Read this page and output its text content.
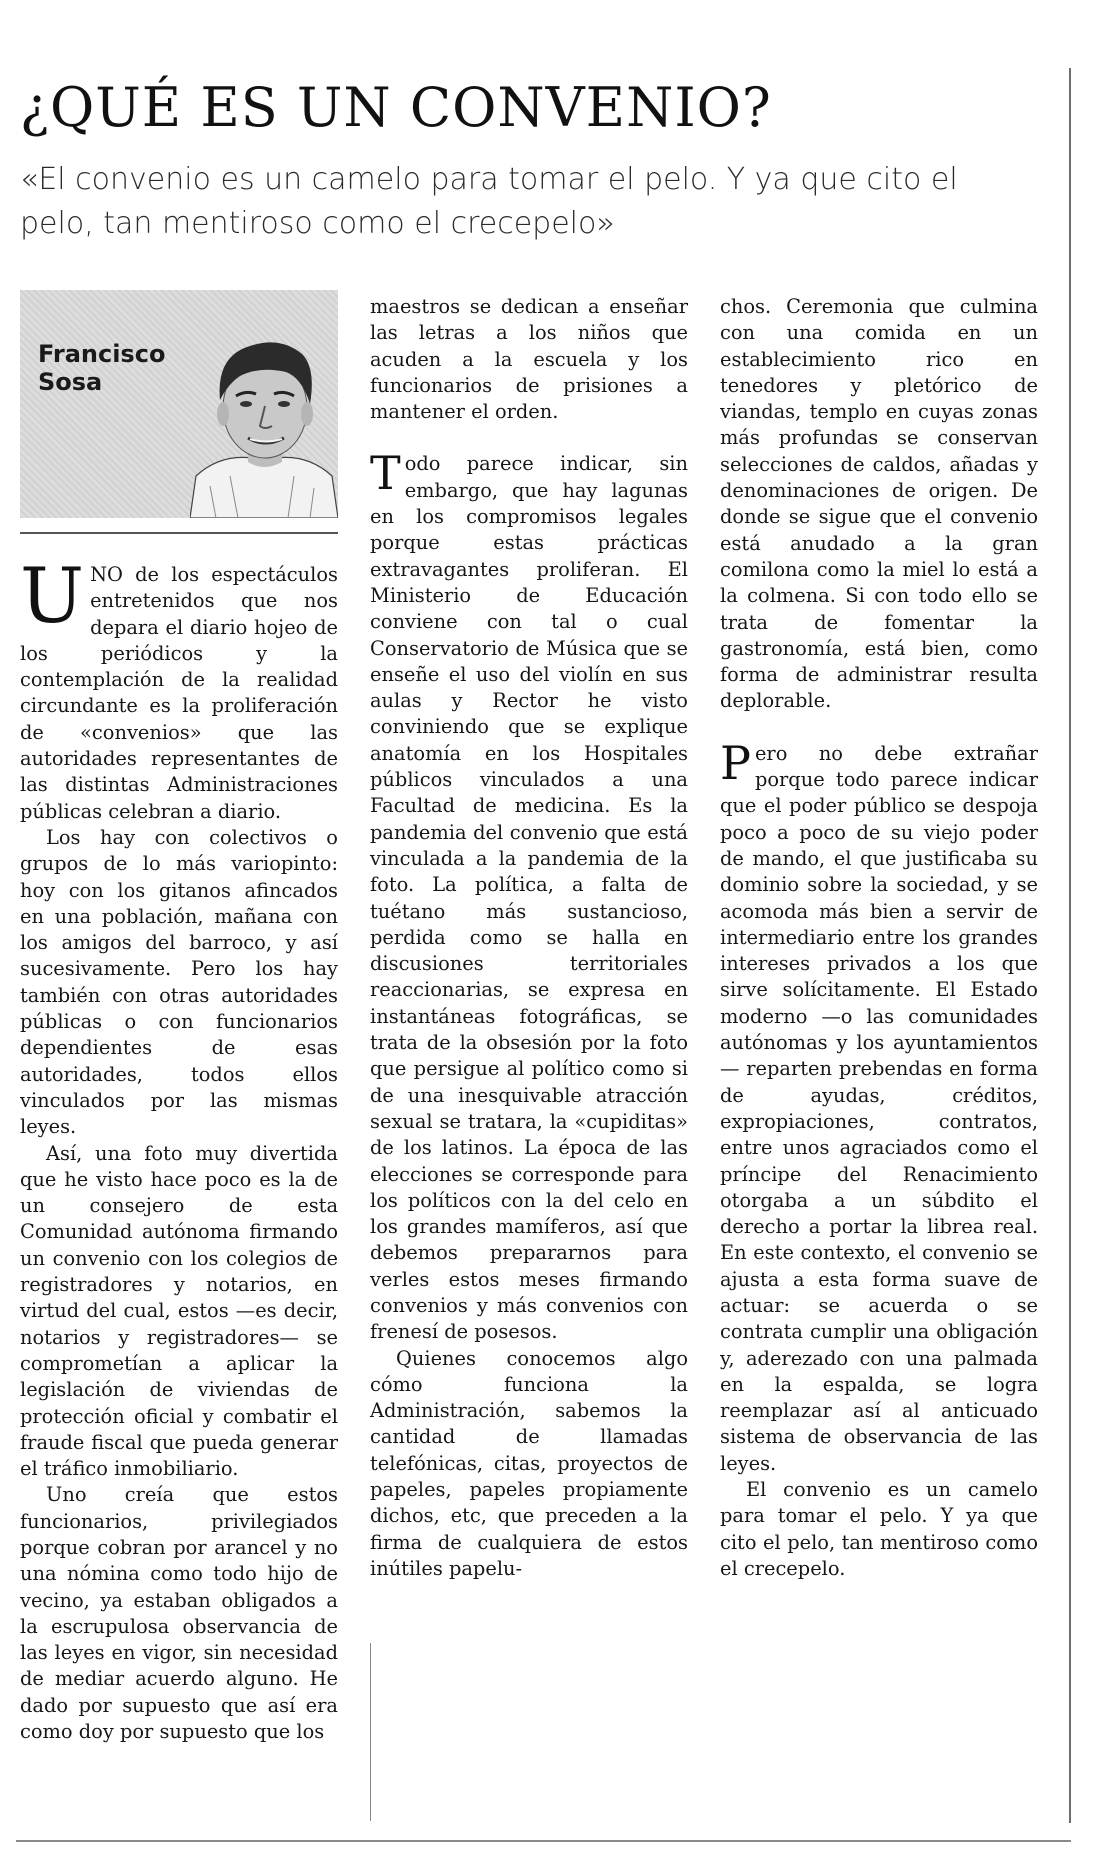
¿QUÉ ES UN CONVENIO?

«El convenio es un camelo para tomar el pelo. Y ya que cito el pelo, tan mentiroso como el crecepelo»

Francisco
Sosa

UNO de los espectáculos entretenidos que nos depara el diario hojeo de los periódicos y la contemplación de la realidad circundante es la proliferación de «convenios» que las autoridades representantes de las distintas Administraciones públicas celebran a diario.

Los hay con colectivos o grupos de lo más variopinto: hoy con los gitanos afincados en una población, mañana con los amigos del barroco, y así sucesivamente. Pero los hay también con otras autoridades públicas o con funcionarios dependientes de esas autoridades, todos ellos vinculados por las mismas leyes.

Así, una foto muy divertida que he visto hace poco es la de un consejero de esta Comunidad autónoma firmando un convenio con los colegios de registradores y notarios, en virtud del cual, estos —es decir, notarios y registradores— se comprometían a aplicar la legislación de viviendas de protección oficial y combatir el fraude fiscal que pueda generar el tráfico inmobiliario.

Uno creía que estos funcionarios, privilegiados porque cobran por arancel y no una nómina como todo hijo de vecino, ya estaban obligados a la escrupulosa observancia de las leyes en vigor, sin necesidad de mediar acuerdo alguno. He dado por supuesto que así era como doy por supuesto que los

maestros se dedican a enseñar las letras a los niños que acuden a la escuela y los funcionarios de prisiones a mantener el orden.

Todo parece indicar, sin embargo, que hay lagunas en los compromisos legales porque estas prácticas extravagantes proliferan. El Ministerio de Educación conviene con tal o cual Conservatorio de Música que se enseñe el uso del violín en sus aulas y Rector he visto conviniendo que se explique anatomía en los Hospitales públicos vinculados a una Facultad de medicina. Es la pandemia del convenio que está vinculada a la pandemia de la foto. La política, a falta de tuétano más sustancioso, perdida como se halla en discusiones territoriales reaccionarias, se expresa en instantáneas fotográficas, se trata de la obsesión por la foto que persigue al político como si de una inesquivable atracción sexual se tratara, la «cupiditas» de los latinos. La época de las elecciones se corresponde para los políticos con la del celo en los grandes mamíferos, así que debemos prepararnos para verles estos meses firmando convenios y más convenios con frenesí de posesos.

Quienes conocemos algo cómo funciona la Administración, sabemos la cantidad de llamadas telefónicas, citas, proyectos de papeles, papeles propiamente dichos, etc, que preceden a la firma de cualquiera de estos inútiles papelu-

chos. Ceremonia que culmina con una comida en un establecimiento rico en tenedores y pletórico de viandas, templo en cuyas zonas más profundas se conservan selecciones de caldos, añadas y denominaciones de origen. De donde se sigue que el convenio está anudado a la gran comilona como la miel lo está a la colmena. Si con todo ello se trata de fomentar la gastronomía, está bien, como forma de administrar resulta deplorable.

Pero no debe extrañar porque todo parece indicar que el poder público se despoja poco a poco de su viejo poder de mando, el que justificaba su dominio sobre la sociedad, y se acomoda más bien a servir de intermediario entre los grandes intereses privados a los que sirve solícitamente. El Estado moderno —o las comunidades autónomas y los ayuntamientos— reparten prebendas en forma de ayudas, créditos, expropiaciones, contratos, entre unos agraciados como el príncipe del Renacimiento otorgaba a un súbdito el derecho a portar la librea real. En este contexto, el convenio se ajusta a esta forma suave de actuar: se acuerda o se contrata cumplir una obligación y, aderezado con una palmada en la espalda, se logra reemplazar así al anticuado sistema de observancia de las leyes.

El convenio es un camelo para tomar el pelo. Y ya que cito el pelo, tan mentiroso como el crecepelo.
